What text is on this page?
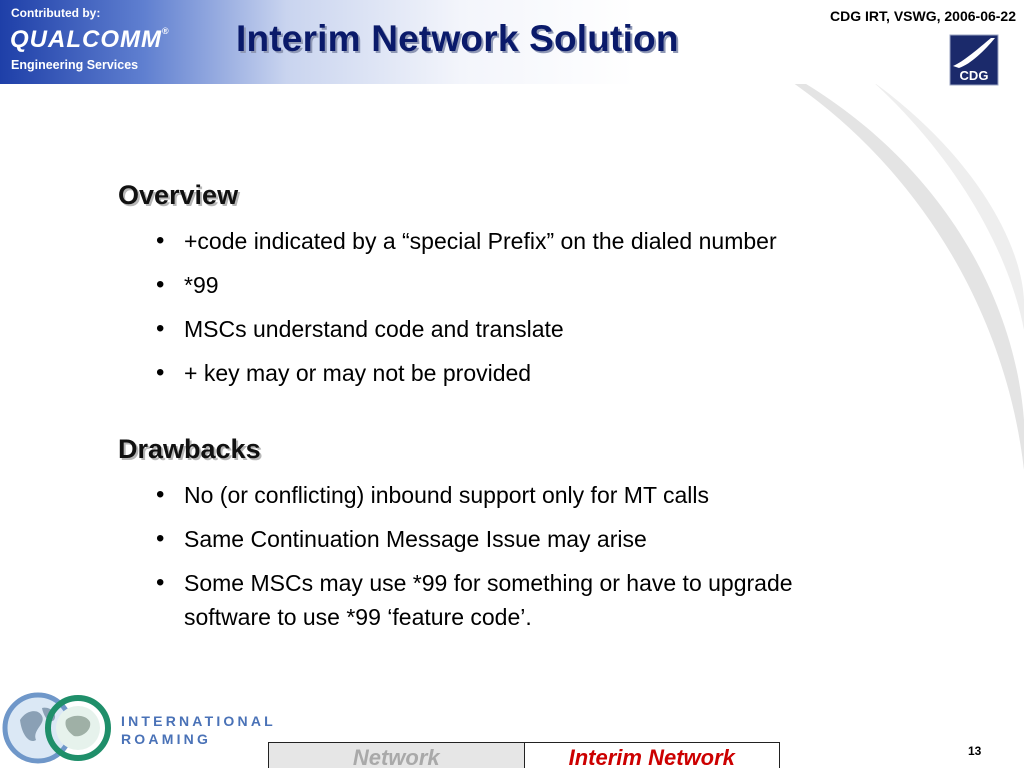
Contributed by:
QUALCOMM®
Engineering Services
Interim Network Solution
CDG IRT, VSWG, 2006-06-22
CDG
Overview
• +code indicated by a “special Prefix” on the dialed number
• *99
• MSCs understand code and translate
• + key may or may not be provided
Drawbacks
• No (or conflicting) inbound support only for MT calls
• Same Continuation Message Issue may arise
• Some MSCs may use *99 for something or have to upgrade software to use *99 ‘feature code’.
INTERNATIONAL
ROAMING
Network	Interim Network	13
